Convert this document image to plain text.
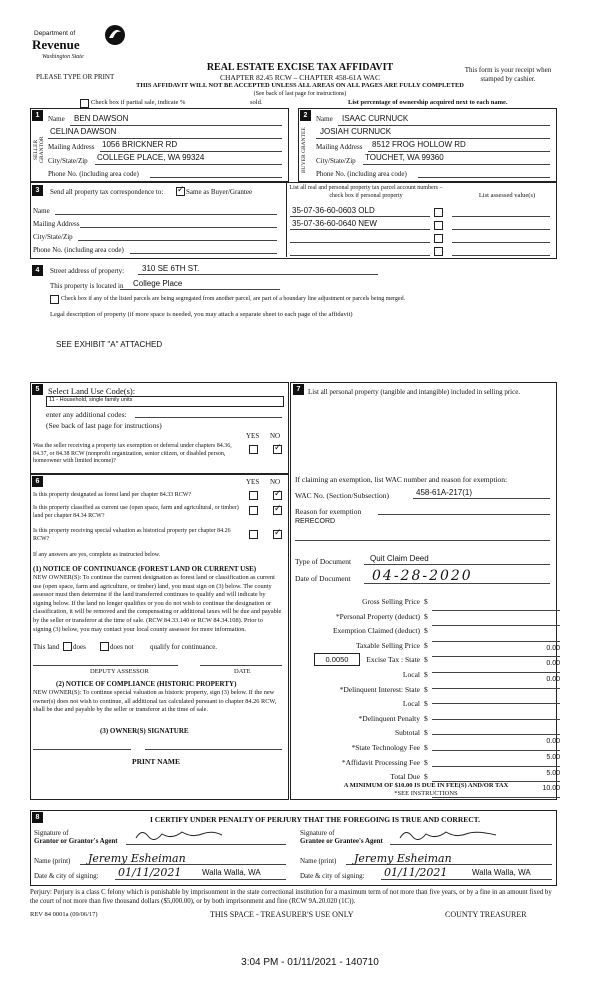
Department of
Revenue
Washington State
PLEASE TYPE OR PRINT
REAL ESTATE EXCISE TAX AFFIDAVIT
CHAPTER 82.45 RCW – CHAPTER 458-61A WAC
THIS AFFIDAVIT WILL NOT BE ACCEPTED UNLESS ALL AREAS ON ALL PAGES ARE FULLY COMPLETED
(See back of last page for instructions)
This form is your receipt when stamped by cashier.
Check box if partial sale, indicate %	sold.	List percentage of ownership acquired next to each name.
1	2
SELLER GRANTOR	BUYER GRANTEE
Name BEN DAWSON
CELINA DAWSON
Mailing Address 1056 BRICKNER RD
City/State/Zip COLLEGE PLACE, WA 99324
Phone No. (including area code)
Name ISAAC CURNUCK
JOSIAH CURNUCK
Mailing Address 8512 FROG HOLLOW RD
City/State/Zip TOUCHET, WA 99360
Phone No. (including area code)
3	Send all property tax correspondence to:
✓	Same as Buyer/Grantee	List all real and personal property tax parcel account numbers – check box if personal property	List assessed value(s)
Name
Mailing Address
City/State/Zip
Phone No. (including area code)
35-07-36-60-0603 OLD
35-07-36-60-0640 NEW
4	Street address of property: 310 SE 6TH ST.
This property is located in College Place
Check box if any of the listed parcels are being segregated from another parcel, are part of a boundary line adjustment or parcels being merged.
Legal description of property (if more space is needed, you may attach a separate sheet to each page of the affidavit)
SEE EXHIBIT "A" ATTACHED
5	Select Land Use Code(s):
11 - Household, single family units
enter any additional codes:
(See back of last page for instructions)
YES NO
Was the seller receiving a property tax exemption or deferral under chapters 84.36, 84.37, or 84.38 RCW (nonprofit organization, senior citizen, or disabled person, homeowner with limited income)?
✓
6	YES NO
Is this property designated as forest land per chapter 84.33 RCW?
✓
Is this property classified as current use (open space, farm and agricultural, or timber) land per chapter 84.34 RCW?
✓
Is this property receiving special valuation as historical property per chapter 84.26 RCW?
✓
If any answers are yes, complete as instructed below.
(1) NOTICE OF CONTINUANCE (FOREST LAND OR CURRENT USE)
NEW OWNER(S): To continue the current designation as forest land or classification as current use (open space, farm and agriculture, or timber) land, you must sign on (3) below. The county assessor must then determine if the land transferred continues to qualify and will indicate by signing below. If the land no longer qualifies or you do not wish to continue the designation or classification, it will be removed and the compensating or additional taxes will be due and payable by the seller or transferor at the time of sale. (RCW 84.33.140 or RCW 84.34.108). Prior to signing (3) below, you may contact your local county assessor for more information.
This land does	does not qualify for continuance.
DEPUTY ASSESSOR	DATE
(2) NOTICE OF COMPLIANCE (HISTORIC PROPERTY)
NEW OWNER(S): To continue special valuation as historic property, sign (3) below. If the new owner(s) does not wish to continue, all additional tax calculated pursuant to chapter 84.26 RCW, shall be due and payable by the seller or transferor at the time of sale.
(3) OWNER(S) SIGNATURE
PRINT NAME
7	List all personal property (tangible and intangible) included in selling price.
If claiming an exemption, list WAC number and reason for exemption:
WAC No. (Section/Subsection)	458-61A-217(1)
Reason for exemption
RERECORD
Type of Document Quit Claim Deed
Date of Document 04-28-2020
Gross Selling Price
*Personal Property (deduct)
Exemption Claimed (deduct)
Taxable Selling Price
Excise Tax : State
Local
*Delinquent Interest: State
Local
*Delinquent Penalty
Subtotal
*State Technology Fee
*Affidavit Processing Fee
Total Due
$
$
$
$
$
$
$
$
$
$
$
$
$
0.00
0.00
0.00
0.00
5.00
5.00
10.00
0.0050
A MINIMUM OF $10.00 IS DUE IN FEE(S) AND/OR TAX
*SEE INSTRUCTIONS
8	I CERTIFY UNDER PENALTY OF PERJURY THAT THE FOREGOING IS TRUE AND CORRECT.
Signature of
Grantor or Grantor's Agent
Name (print) Jeremy Esheiman
Date & city of signing: 01/11/2021	Walla Walla, WA
Signature of
Grantee or Grantee's Agent
Name (print) Jeremy Esheiman
Date & city of signing: 01/11/2021	Walla Walla, WA
Perjury: Perjury is a class C felony which is punishable by imprisonment in the state correctional institution for a maximum term of not more than five years, or by a fine in an amount fixed by the court of not more than five thousand dollars ($5,000.00), or by both imprisonment and fine (RCW 9A.20.020 (1C)).
REV 84 0001a (09/06/17)	THIS SPACE - TREASURER'S USE ONLY	COUNTY TREASURER
3:04 PM - 01/11/2021 - 140710
